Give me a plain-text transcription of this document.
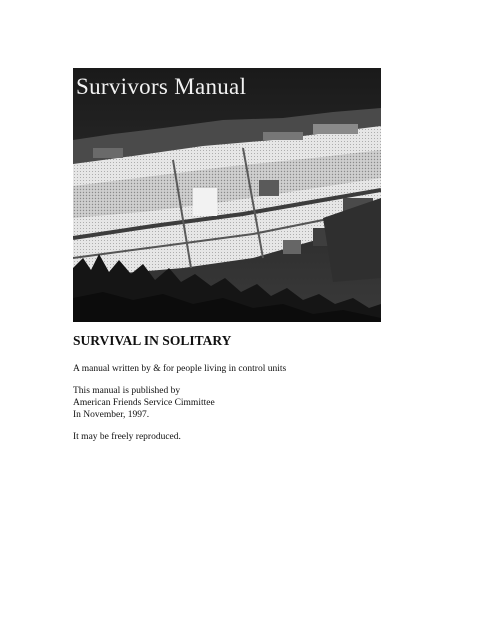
Survivors Manual
SURVIVAL IN SOLITARY

A manual written by & for people living in control units

This manual is published by

American Friends Service Cimmittee

In November, 1997.

It may be freely reproduced.
